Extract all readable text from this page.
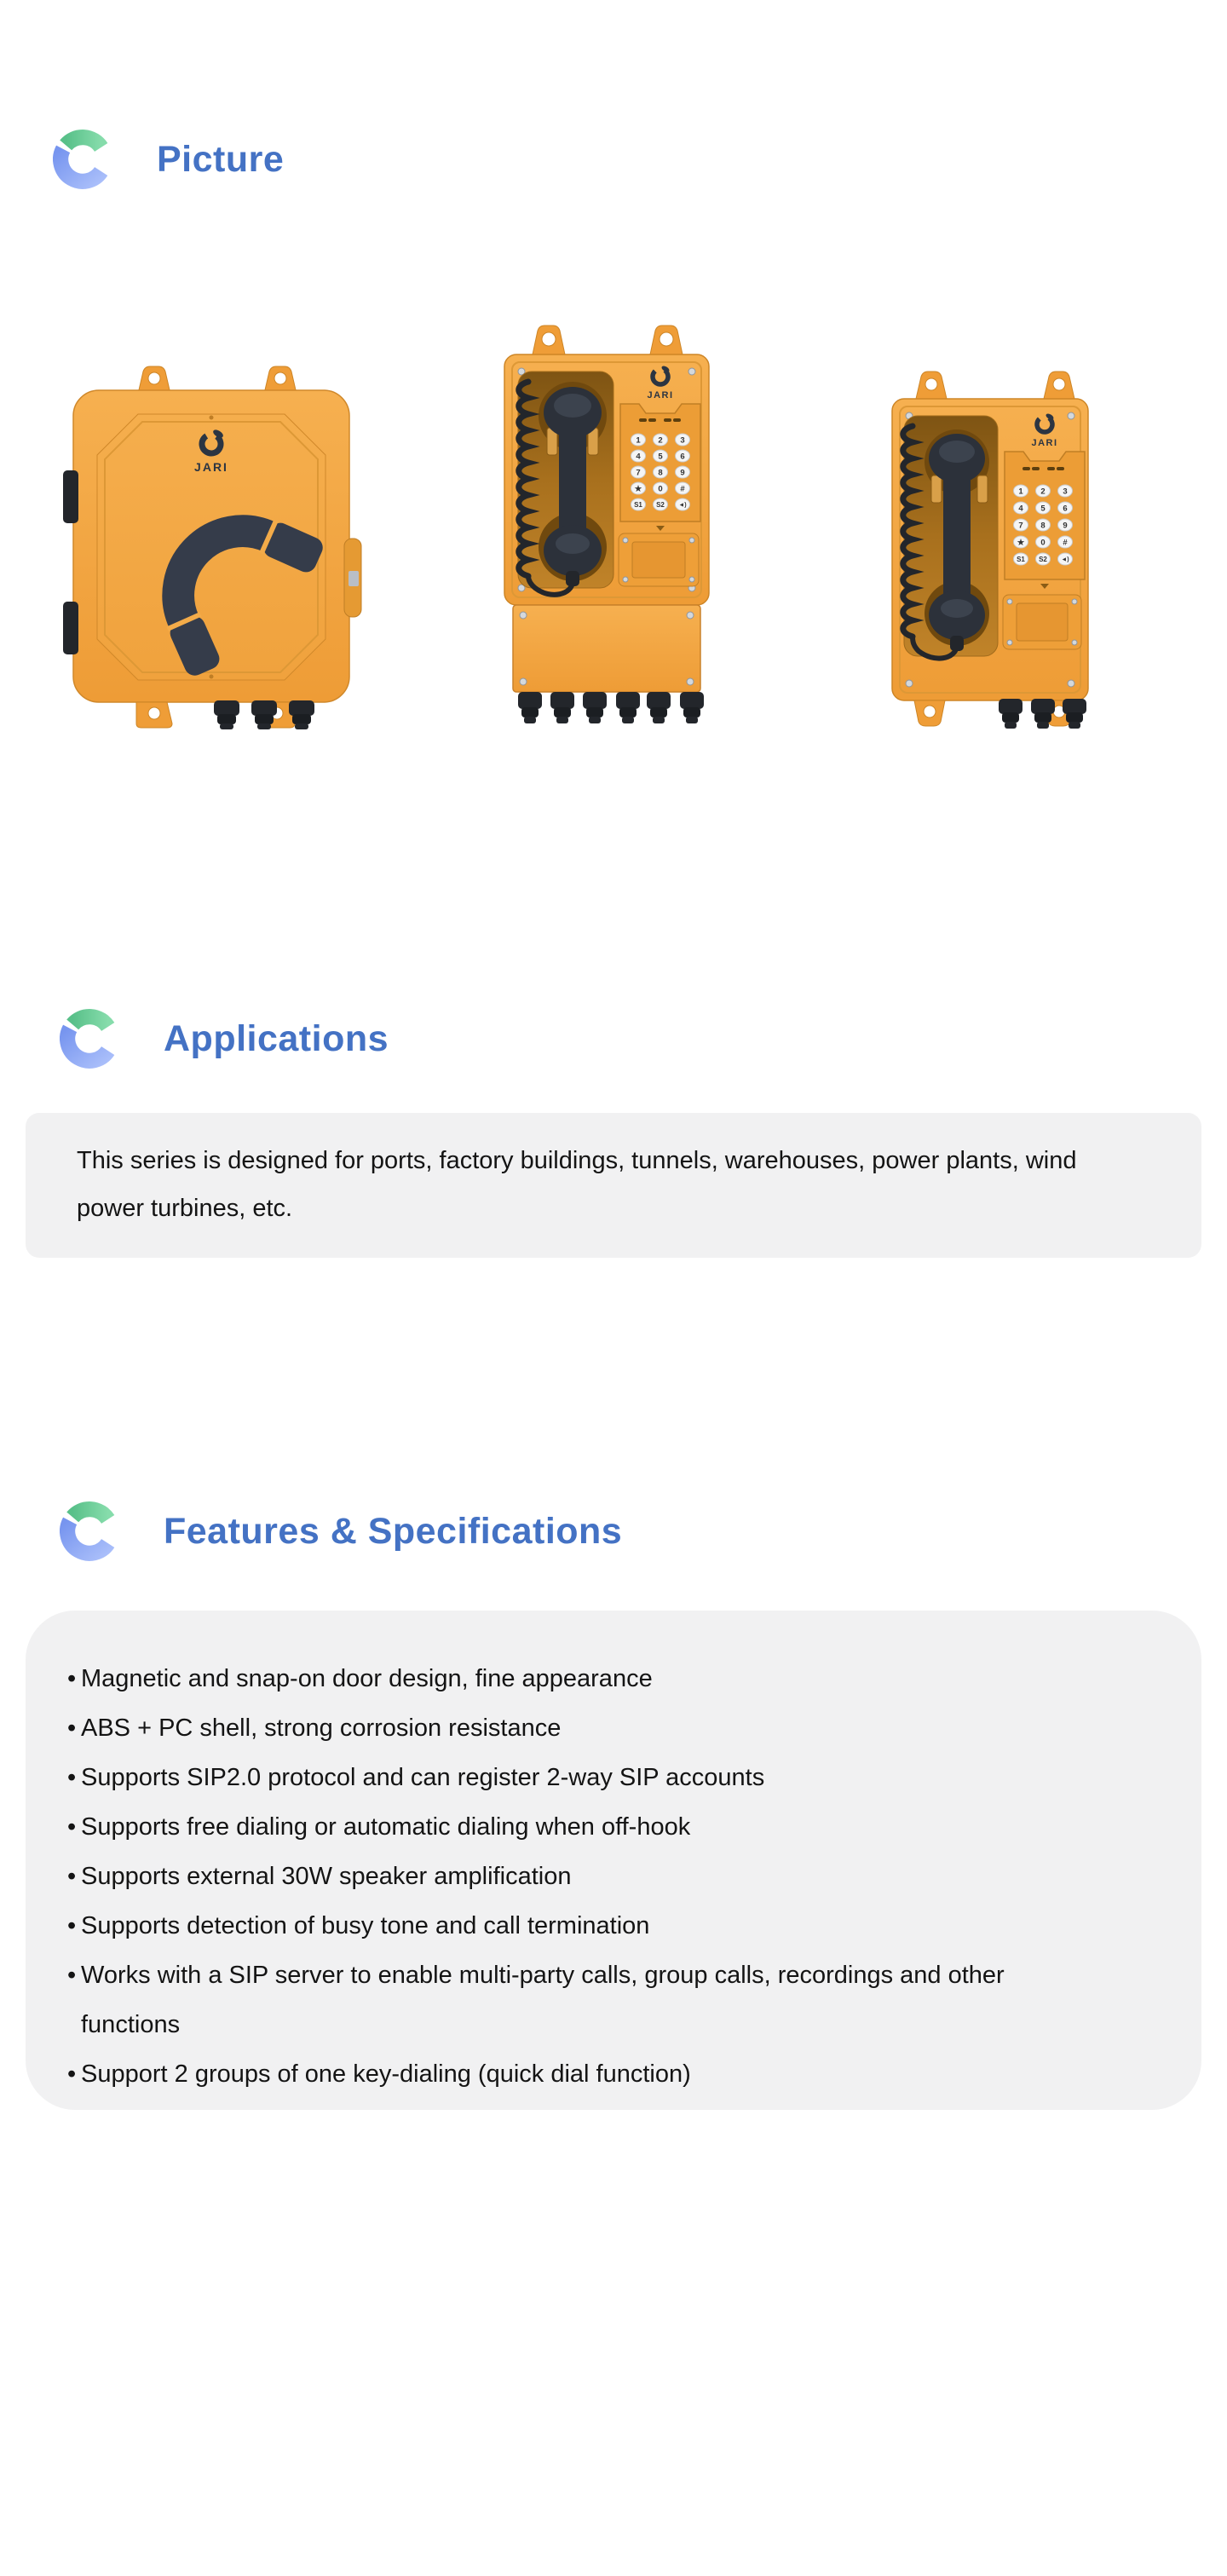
Picture
JARI
JARI
1 2 3
4 5 6
7 8 9
★ 0 #
S1 S2 ◄)
JARI
1 2 3
4 5 6
7 8 9
★ 0 #
S1 S2 ◄)
Applications

This series is designed for ports, factory buildings, tunnels, warehouses, power plants, wind power turbines, etc.

Features & Specifications
• Magnetic and snap-on door design, fine appearance
• ABS + PC shell, strong corrosion resistance
• Supports SIP2.0 protocol and can register 2-way SIP accounts
• Supports free dialing or automatic dialing when off-hook
• Supports external 30W speaker amplification
• Supports detection of busy tone and call termination
• Works with a SIP server to enable multi-party calls, group calls, recordings and other functions
• Support 2 groups of one key-dialing (quick dial function)
